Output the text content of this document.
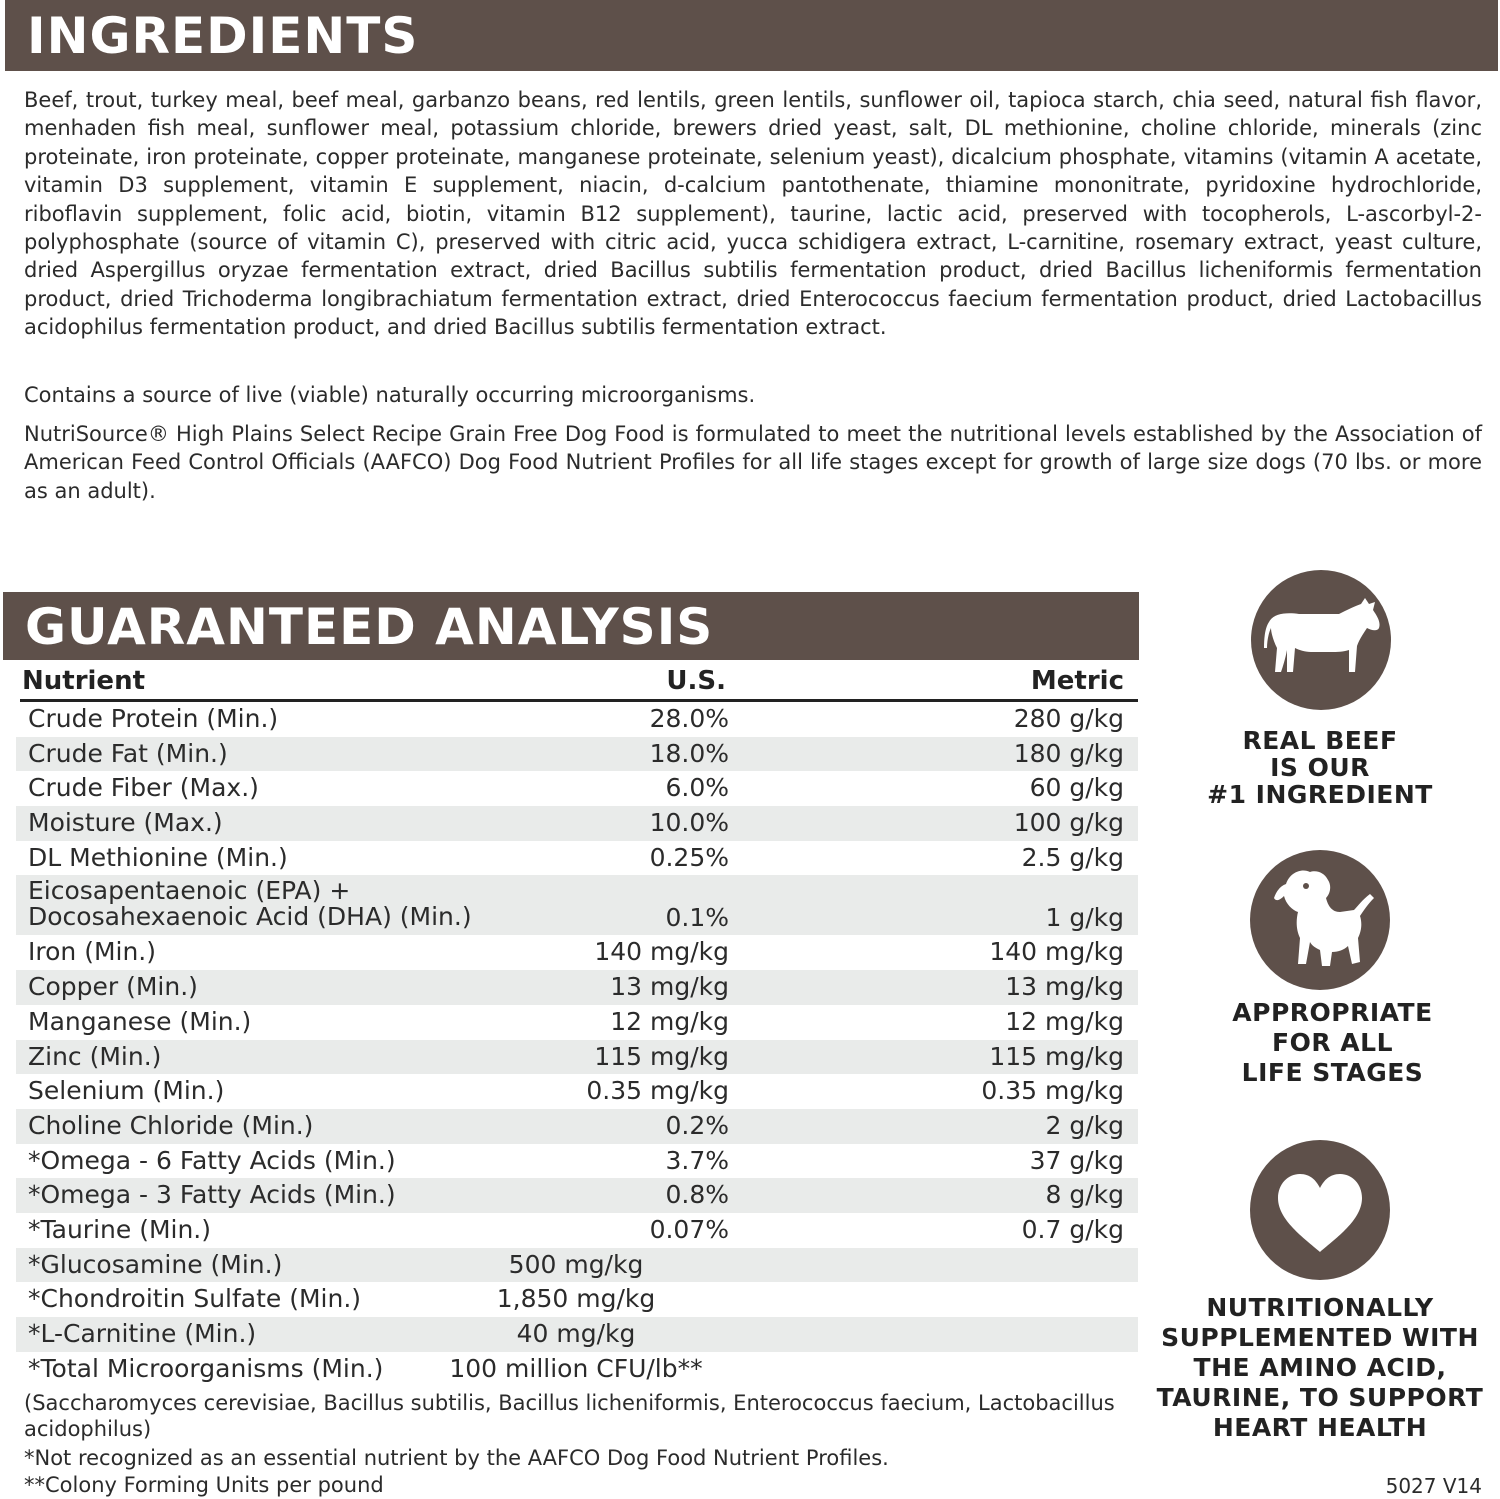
INGREDIENTS
Beef, trout, turkey meal, beef meal, garbanzo beans, red lentils, green lentils, sunflower oil, tapioca starch, chia seed, natural fish flavor, menhaden fish meal, sunflower meal, potassium chloride, brewers dried yeast, salt, DL methionine, choline chloride, minerals (zinc proteinate, iron proteinate, copper proteinate, manganese proteinate, selenium yeast), dicalcium phosphate, vitamins (vitamin A acetate, vitamin D3 supplement, vitamin E supplement, niacin, d-calcium pantothenate, thiamine mononitrate, pyridoxine hydrochloride, riboflavin supplement, folic acid, biotin, vitamin B12 supplement), taurine, lactic acid, preserved with tocopherols, L-ascorbyl-2-polyphosphate (source of vitamin C), preserved with citric acid, yucca schidigera extract, L-carnitine, rosemary extract, yeast culture, dried Aspergillus oryzae fermentation extract, dried Bacillus subtilis fermentation product, dried Bacillus licheniformis fermentation product, dried Trichoderma longibrachiatum fermentation extract, dried Enterococcus faecium fermentation product, dried Lactobacillus acidophilus fermentation product, and dried Bacillus subtilis fermentation extract.
Contains a source of live (viable) naturally occurring microorganisms.
NutriSource® High Plains Select Recipe Grain Free Dog Food is formulated to meet the nutritional levels established by the Association of American Feed Control Officials (AAFCO) Dog Food Nutrient Profiles for all life stages except for growth of large size dogs (70 lbs. or more as an adult).
GUARANTEED ANALYSIS
Nutrient	U.S.	Metric
Crude Protein (Min.)	28.0%	280 g/kg
Crude Fat (Min.)	18.0%	180 g/kg
Crude Fiber (Max.)	6.0%	60 g/kg
Moisture (Max.)	10.0%	100 g/kg
DL Methionine (Min.)	0.25%	2.5 g/kg
Eicosapentaenoic (EPA) + Docosahexaenoic Acid (DHA) (Min.)	0.1%	1 g/kg
Iron (Min.)	140 mg/kg	140 mg/kg
Copper (Min.)	13 mg/kg	13 mg/kg
Manganese (Min.)	12 mg/kg	12 mg/kg
Zinc (Min.)	115 mg/kg	115 mg/kg
Selenium (Min.)	0.35 mg/kg	0.35 mg/kg
Choline Chloride (Min.)	0.2%	2 g/kg
*Omega - 6 Fatty Acids (Min.)	3.7%	37 g/kg
*Omega - 3 Fatty Acids (Min.)	0.8%	8 g/kg
*Taurine (Min.)	0.07%	0.7 g/kg
*Glucosamine (Min.)	500 mg/kg
*Chondroitin Sulfate (Min.)	1,850 mg/kg
*L-Carnitine (Min.)	40 mg/kg
*Total Microorganisms (Min.)	100 million CFU/lb**
(Saccharomyces cerevisiae, Bacillus subtilis, Bacillus licheniformis, Enterococcus faecium, Lactobacillus acidophilus)
*Not recognized as an essential nutrient by the AAFCO Dog Food Nutrient Profiles.
**Colony Forming Units per pound	5027 V14
REAL BEEF
IS OUR
#1 INGREDIENT
APPROPRIATE
FOR ALL
LIFE STAGES
NUTRITIONALLY
SUPPLEMENTED WITH
THE AMINO ACID,
TAURINE, TO SUPPORT
HEART HEALTH
